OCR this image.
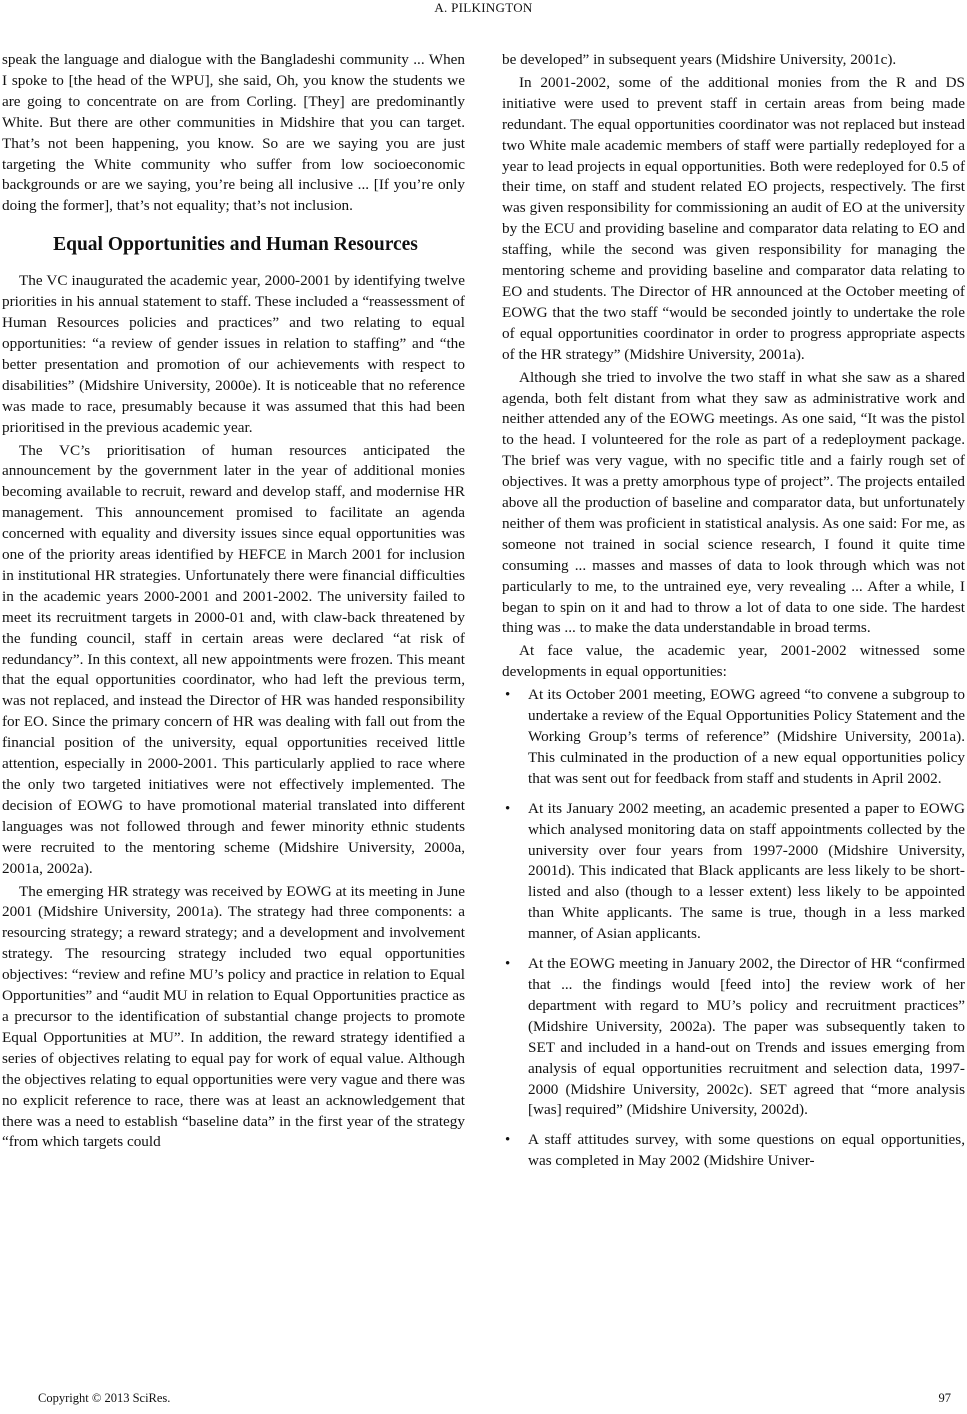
A. PILKINGTON

speak the language and dialogue with the Bangladeshi community ... When I spoke to [the head of the WPU], she said, Oh, you know the students we are going to concentrate on are from Corling. [They] are predominantly White. But there are other communities in Midshire that you can target. That’s not been happening, you know. So are we saying you are just targeting the White community who suffer from low socioeconomic backgrounds or are we saying, you’re being all inclusive ... [If you’re only doing the former], that’s not equality; that’s not inclusion.

Equal Opportunities and Human Resources

The VC inaugurated the academic year, 2000-2001 by identifying twelve priorities in his annual statement to staff. These included a “reassessment of Human Resources policies and practices” and two relating to equal opportunities: “a review of gender issues in relation to staffing” and “the better presentation and promotion of our achievements with respect to disabilities” (Midshire University, 2000e). It is noticeable that no reference was made to race, presumably because it was assumed that this had been prioritised in the previous academic year.

The VC’s prioritisation of human resources anticipated the announcement by the government later in the year of additional monies becoming available to recruit, reward and develop staff, and modernise HR management. This announcement promised to facilitate an agenda concerned with equality and diversity issues since equal opportunities was one of the priority areas identified by HEFCE in March 2001 for inclusion in institutional HR strategies. Unfortunately there were financial difficulties in the academic years 2000-2001 and 2001-2002. The university failed to meet its recruitment targets in 2000-01 and, with claw-back threatened by the funding council, staff in certain areas were declared “at risk of redundancy”. In this context, all new appointments were frozen. This meant that the equal opportunities coordinator, who had left the previous term, was not replaced, and instead the Director of HR was handed responsibility for EO. Since the primary concern of HR was dealing with fall out from the financial position of the university, equal opportunities received little attention, especially in 2000-2001. This particularly applied to race where the only two targeted initiatives were not effectively implemented. The decision of EOWG to have promotional material translated into different languages was not followed through and fewer minority ethnic students were recruited to the mentoring scheme (Midshire University, 2000a, 2001a, 2002a).

The emerging HR strategy was received by EOWG at its meeting in June 2001 (Midshire University, 2001a). The strategy had three components: a resourcing strategy; a reward strategy; and a development and involvement strategy. The resourcing strategy included two equal opportunities objectives: “review and refine MU’s policy and practice in relation to Equal Opportunities” and “audit MU in relation to Equal Opportunities practice as a precursor to the identification of substantial change projects to promote Equal Opportunities at MU”. In addition, the reward strategy identified a series of objectives relating to equal pay for work of equal value. Although the objectives relating to equal opportunities were very vague and there was no explicit reference to race, there was at least an acknowledgement that there was a need to establish “baseline data” in the first year of the strategy “from which targets could

be developed” in subsequent years (Midshire University, 2001c).

In 2001-2002, some of the additional monies from the R and DS initiative were used to prevent staff in certain areas from being made redundant. The equal opportunities coordinator was not replaced but instead two White male academic members of staff were partially redeployed for a year to lead projects in equal opportunities. Both were redeployed for 0.5 of their time, on staff and student related EO projects, respectively. The first was given responsibility for commissioning an audit of EO at the university by the ECU and providing baseline and comparator data relating to EO and staffing, while the second was given responsibility for managing the mentoring scheme and providing baseline and comparator data relating to EO and students. The Director of HR announced at the October meeting of EOWG that the two staff “would be seconded jointly to undertake the role of equal opportunities coordinator in order to progress appropriate aspects of the HR strategy” (Midshire University, 2001a).

Although she tried to involve the two staff in what she saw as a shared agenda, both felt distant from what they saw as administrative work and neither attended any of the EOWG meetings. As one said, “It was the pistol to the head. I volunteered for the role as part of a redeployment package. The brief was very vague, with no specific title and a fairly rough set of objectives. It was a pretty amorphous type of project”. The projects entailed above all the production of baseline and comparator data, but unfortunately neither of them was proficient in statistical analysis. As one said: For me, as someone not trained in social science research, I found it quite time consuming ... masses and masses of data to look through which was not particularly to me, to the untrained eye, very revealing ... After a while, I began to spin on it and had to throw a lot of data to one side. The hardest thing was ... to make the data understandable in broad terms.

At face value, the academic year, 2001-2002 witnessed some developments in equal opportunities:

• At its October 2001 meeting, EOWG agreed “to convene a subgroup to undertake a review of the Equal Opportunities Policy Statement and the Working Group’s terms of reference” (Midshire University, 2001a). This culminated in the production of a new equal opportunities policy that was sent out for feedback from staff and students in April 2002.
• At its January 2002 meeting, an academic presented a paper to EOWG which analysed monitoring data on staff appointments collected by the university over four years from 1997-2000 (Midshire University, 2001d). This indicated that Black applicants are less likely to be short-listed and also (though to a lesser extent) less likely to be appointed than White applicants. The same is true, though in a less marked manner, of Asian applicants.
• At the EOWG meeting in January 2002, the Director of HR “confirmed that ... the findings would [feed into] the review work of her department with regard to MU’s policy and recruitment practices” (Midshire University, 2002a). The paper was subsequently taken to SET and included in a hand-out on Trends and issues emerging from analysis of equal opportunities recruitment and selection data, 1997-2000 (Midshire University, 2002c). SET agreed that “more analysis [was] required” (Midshire University, 2002d).
• A staff attitudes survey, with some questions on equal opportunities, was completed in May 2002 (Midshire Univer-
Copyright © 2013 SciRes.	97
